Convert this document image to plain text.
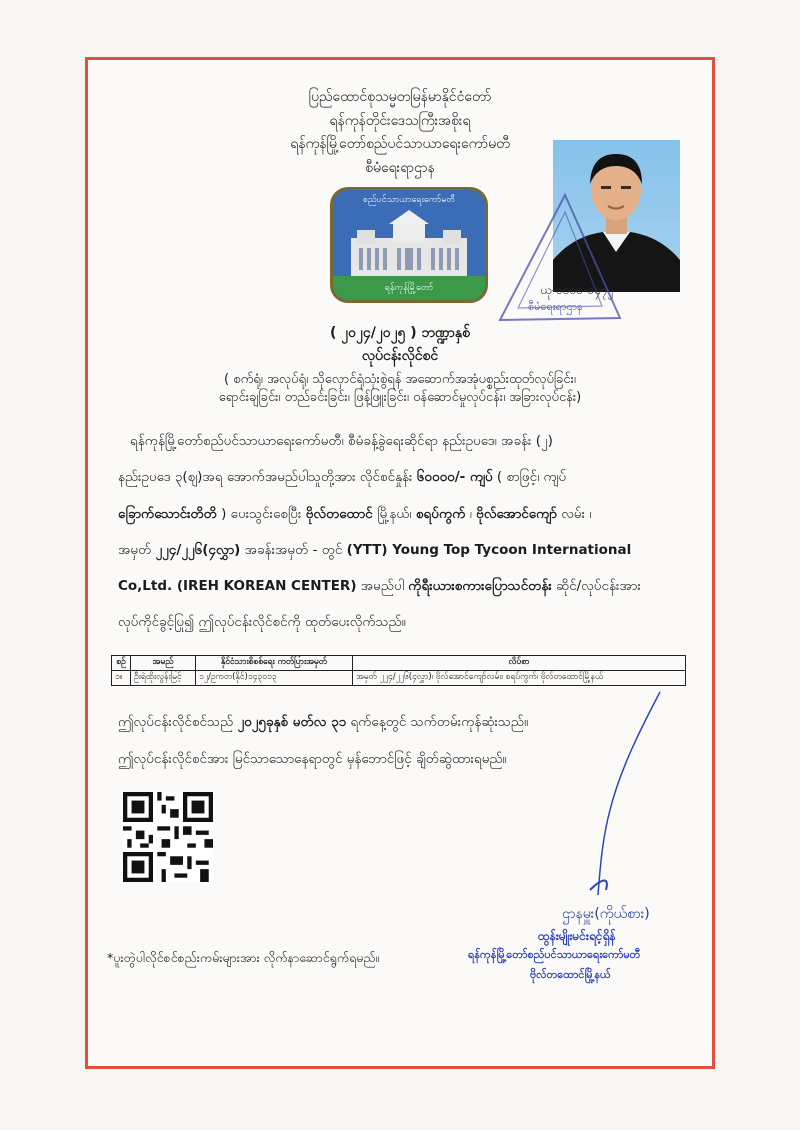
ပြည်ထောင်စုသမ္မတမြန်မာနိုင်ငံတော်
ရန်ကုန်တိုင်းဒေသကြီးအစိုးရ
ရန်ကုန်မြို့တော်စည်ပင်သာယာရေးကော်မတီ
စီမံရေးရာဌာန
စည်ပင်သာယာရေးကော်မတီ
ရန်ကုန်မြို့တော်
စီမံရေးရာဌာန
ယု-၁၀၀၀-၁၄၇၂
( ၂၀၂၄/၂၀၂၅ ) ဘဏ္ဍာနှစ်
လုပ်ငန်းလိုင်စင်
( စက်ရုံ၊ အလုပ်ရုံ၊ သိုလှောင်ရုံသုံးစွဲရန် အဆောက်အအုံပစ္စည်းထုတ်လုပ်ခြင်း၊
ရောင်းချခြင်း၊ တည်ခင်းခြင်း၊ ဖြန့်ဖြူးခြင်း၊ ဝန်ဆောင်မှုလုပ်ငန်း၊ အခြားလုပ်ငန်း)
ရန်ကုန်မြို့တော်စည်ပင်သာယာရေးကော်မတီ၊ စီမံခန့်ခွဲရေးဆိုင်ရာ နည်းဥပဒေ၊ အခန်း (၂)
နည်းဥပဒေ ၃(ဈ)အရ အောက်အမည်ပါသူတို့အား လိုင်စင်နှုန်း ၆၀၀၀၀/- ကျပ် ( စာဖြင့်၊ ကျပ်
ခြောက်သောင်းတိတိ ) ပေးသွင်းစေပြီး ဗိုလ်တထောင် မြို့နယ်၊ စရပ်ကွက် ၊ ဗိုလ်အောင်ကျော် လမ်း ၊
အမှတ် ၂၂၄/၂၂၆(၄လွှာ) အခန်းအမှတ် - တွင် (YTT) Young Top Tycoon International
Co,Ltd. (IREH KOREAN CENTER) အမည်ပါ ကိုရီးယားစကားပြောသင်တန်း ဆိုင်/လုပ်ငန်းအား
လုပ်ကိုင်ခွင့်ပြု၍ ဤလုပ်ငန်းလိုင်စင်ကို ထုတ်ပေးလိုက်သည်။
စဉ်	အမည်	နိုင်ငံသားစိစစ်ရေး ကတ်ပြားအမှတ်	လိပ်စာ
၁။	ဦးရဲထိုးလွန်းမြင့်	၁၂/ဥကတ(နိုင်)၁၄၃၀၁၃	အမှတ် ၂၂၄/၂၂၆(၄လွှာ)၊ ဗိုလ်အောင်ကျော်လမ်း၊ စရပ်ကွက်၊ ဗိုလ်တထောင်မြို့နယ်
ဤလုပ်ငန်းလိုင်စင်သည် ၂၀၂၅ခုနှစ် မတ်လ ၃၁ ရက်နေ့တွင် သက်တမ်းကုန်ဆုံးသည်။
ဤလုပ်ငန်းလိုင်စင်အား မြင်သာသောနေရာတွင် မှန်ဘောင်ဖြင့် ချိတ်ဆွဲထားရမည်။
*ပူးတွဲပါလိုင်စင်စည်းကမ်းများအား လိုက်နာဆောင်ရွက်ရမည်။
ဌာနမှူး(ကိုယ်စား)
ထွန်းမျိုးမင်းရင့်ရှိန်
ရန်ကုန်မြို့တော်စည်ပင်သာယာရေးကော်မတီ
ဗိုလ်တထောင်မြို့နယ်
